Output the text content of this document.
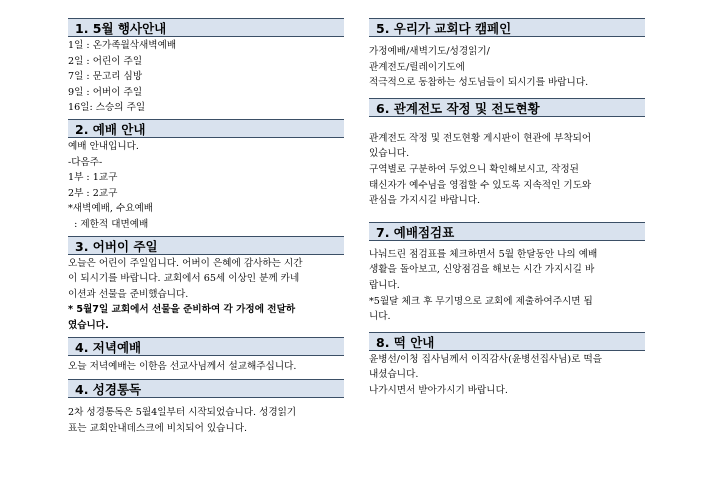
1. 5월 행사안내

1일 : 온가족월삭새벽예배

2일 : 어린이 주일

7일 : 문고리 심방

9일 : 어버이 주일

16일: 스승의 주일

2. 예배 안내

예배 안내입니다.

-다음주-

1부 : 1교구

2부 : 2교구

*새벽예배, 수요예배

: 제한적 대면예배

3. 어버이 주일

오늘은 어린이 주일입니다. 어버이 은혜에 감사하는 시간

이 되시기를 바랍니다. 교회에서 65세 이상인 분께 카네

이션과 선물을 준비했습니다.

* 5월7일 교회에서 선물을 준비하여 각 가정에 전달하

였습니다.

4. 저녁예배

오늘 저녁예배는 이한음 선교사님께서 설교해주십니다.

4. 성경통독

2차 성경통독은 5월4일부터 시작되었습니다. 성경읽기

표는 교회안내데스크에 비치되어 있습니다.

5. 우리가 교회다 캠페인

가정예배/새벽기도/성경읽기/

관계전도/릴레이기도에

적극적으로 동참하는 성도님들이 되시기를 바랍니다.

6. 관계전도 작정 및 전도현황

관계전도 작정 및 전도현황 게시판이 현관에 부착되어

있습니다.

구역별로 구분하여 두었으니 확인해보시고, 작정된

태신자가 예수님을 영접할 수 있도록 지속적인 기도와

관심을 가지시길 바랍니다.

7. 예배점검표

나눠드린 점검표를 체크하면서 5월 한달동안 나의 예배

생활을 돌아보고, 신앙점검을 해보는 시간 가지시길 바

랍니다.

*5월달 체크 후 무기명으로 교회에 제출하여주시면 됩

니다.

8. 떡 안내

윤병선/이청 집사님께서 이직감사(윤병선집사님)로 떡을

내셨습니다.

나가시면서 받아가시기 바랍니다.
